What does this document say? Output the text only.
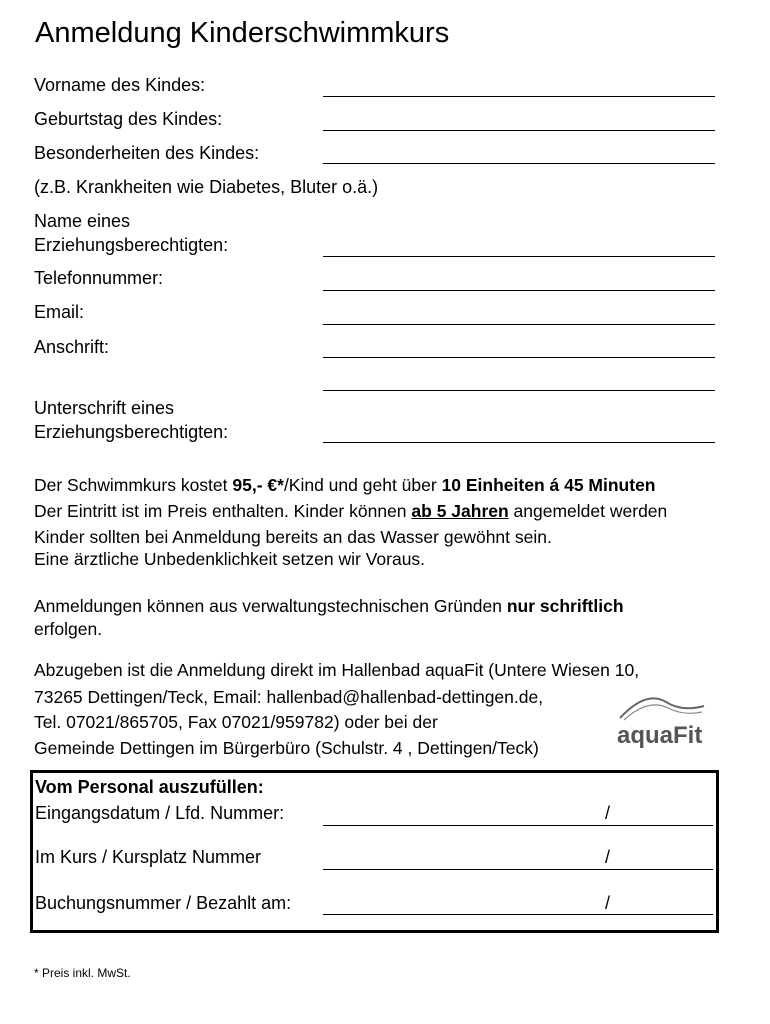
Anmeldung Kinderschwimmkurs
Vorname des Kindes:
Geburtstag des Kindes:
Besonderheiten des Kindes:
(z.B. Krankheiten wie Diabetes, Bluter o.ä.)
Name eines
Erziehungsberechtigten:
Telefonnummer:
Email:
Anschrift:
Unterschrift eines
Erziehungsberechtigten:
Der Schwimmkurs kostet 95,- €*/Kind und geht über 10 Einheiten á 45 Minuten
Der Eintritt ist im Preis enthalten. Kinder können ab 5 Jahren angemeldet werden
Kinder sollten bei Anmeldung bereits an das Wasser gewöhnt sein.
Eine ärztliche Unbedenklichkeit setzen wir Voraus.
Anmeldungen können aus verwaltungstechnischen Gründen nur schriftlich
erfolgen.
Abzugeben ist die Anmeldung direkt im Hallenbad aquaFit (Untere Wiesen 10,
73265 Dettingen/Teck, Email: hallenbad@hallenbad-dettingen.de,
Tel. 07021/865705, Fax 07021/959782) oder bei der
Gemeinde Dettingen im Bürgerbüro (Schulstr. 4 , Dettingen/Teck)	aquaFit
Vom Personal auszufüllen:
Eingangsdatum / Lfd. Nummer:	/
Im Kurs / Kursplatz Nummer	/
Buchungsnummer / Bezahlt am:	/
* Preis inkl. MwSt.
